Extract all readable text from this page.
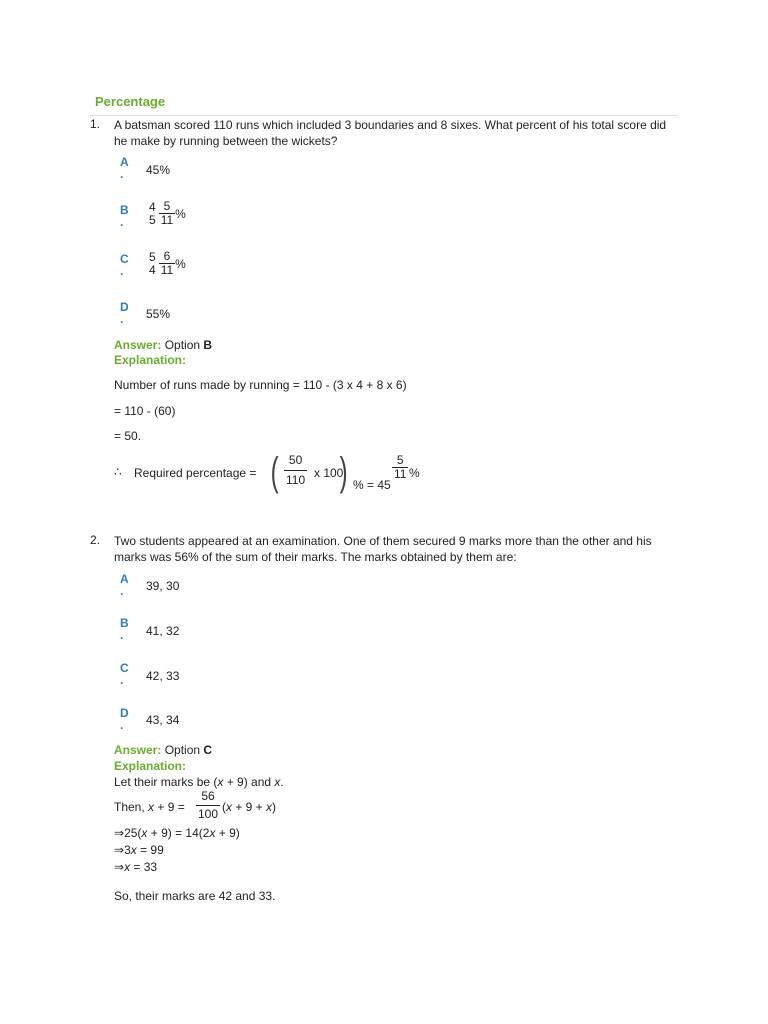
Percentage
1. A batsman scored 110 runs which included 3 boundaries and 8 sixes. What percent of his total score did he make by running between the wickets?
A
.	45%
B
.
4
$5 \frac{5}{11}$ %
C
.
5
$4 \frac{6}{11}$ %
D
.	55%
Answer: Option B
Explanation:
Number of runs made by running = 110 - (3 x 4 + 8 x 6)
= 110 - (60)
= 50.
∴ Required percentage = ( $\frac{50}{110}$ x 100
) % = 45
$\frac{5}{11}$ %
2. Two students appeared at an examination. One of them secured 9 marks more than the other and his marks was 56% of the sum of their marks. The marks obtained by them are:
A
.	39, 30
B
.	41, 32
C
.	42, 33
D
.	43, 34
Answer: Option C
Explanation:
Let their marks be (x + 9) and x.
Then, $x + 9 = \frac{56}{100} (x + 9 + x)$
⇒25(x + 9) = 14(2x + 9)
⇒3x = 99
⇒x = 33
So, their marks are 42 and 33.
